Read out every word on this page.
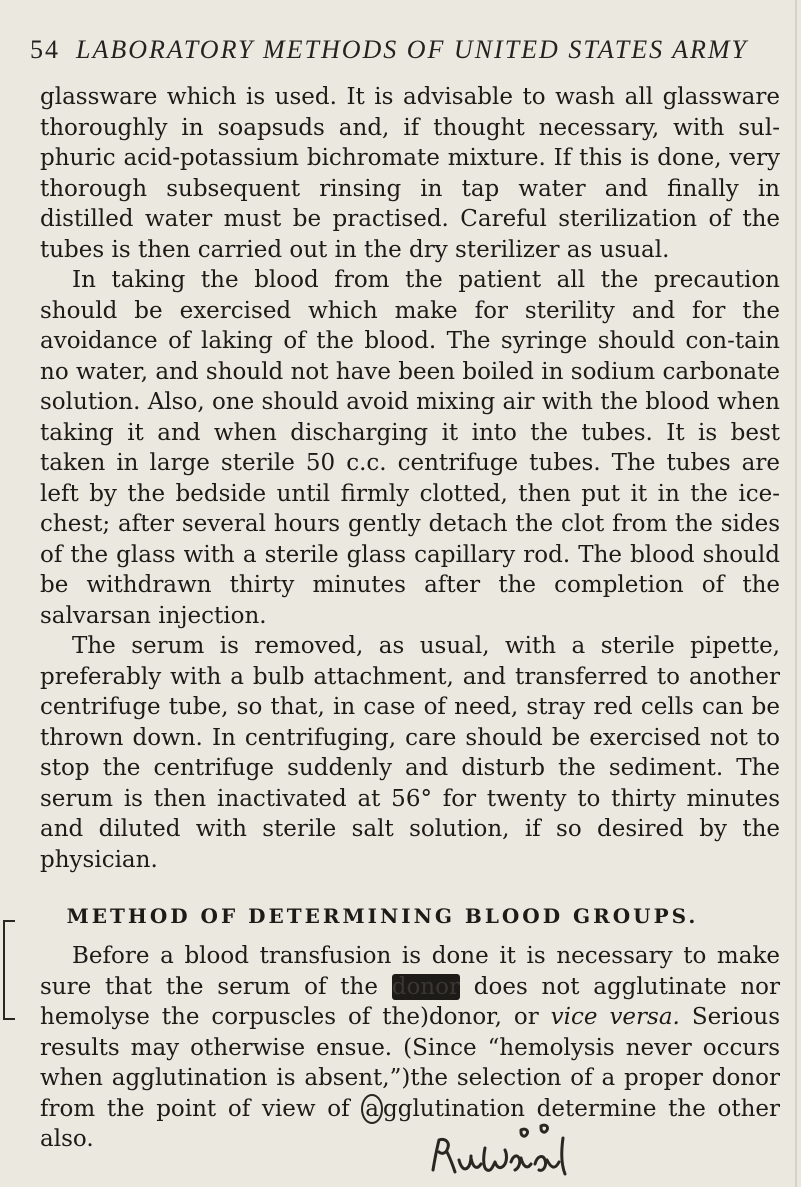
54 LABORATORY METHODS OF UNITED STATES ARMY

glassware which is used. It is advisable to wash all glassware thoroughly in soapsuds and, if thought necessary, with sul-phuric acid-potassium bichromate mixture. If this is done, very thorough subsequent rinsing in tap water and finally in distilled water must be practised. Careful sterilization of the tubes is then carried out in the dry sterilizer as usual.

In taking the blood from the patient all the precaution should be exercised which make for sterility and for the avoidance of laking of the blood. The syringe should con-tain no water, and should not have been boiled in sodium carbonate solution. Also, one should avoid mixing air with the blood when taking it and when discharging it into the tubes. It is best taken in large sterile 50 c.c. centrifuge tubes. The tubes are left by the bedside until firmly clotted, then put it in the ice-chest; after several hours gently detach the clot from the sides of the glass with a sterile glass capillary rod. The blood should be withdrawn thirty minutes after the completion of the salvarsan injection.

The serum is removed, as usual, with a sterile pipette, preferably with a bulb attachment, and transferred to another centrifuge tube, so that, in case of need, stray red cells can be thrown down. In centrifuging, care should be exercised not to stop the centrifuge suddenly and disturb the sediment. The serum is then inactivated at 56° for twenty to thirty minutes and diluted with sterile salt solution, if so desired by the physician.

METHOD OF DETERMINING BLOOD GROUPS.

Before a blood transfusion is done it is necessary to make sure that the serum of the donor does not agglutinate nor hemolyse the corpuscles of the)donor, or vice versa. Serious results may otherwise ensue. (Since “hemolysis never occurs when agglutination is absent,”)the selection of a proper donor from the point of view of a gglutination determine the other also.
